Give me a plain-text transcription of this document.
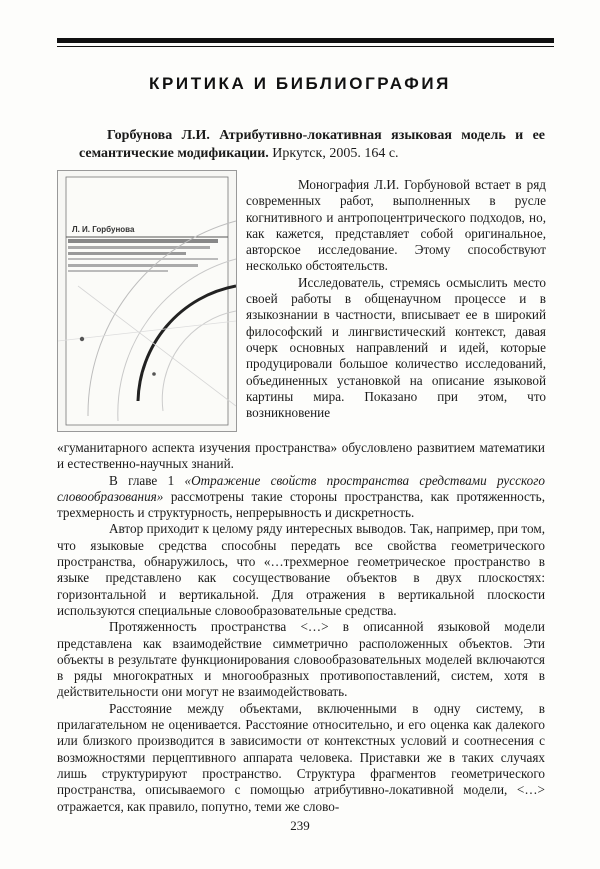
КРИТИКА И БИБЛИОГРАФИЯ
Горбунова Л.И. Атрибутивно-локативная языковая модель и ее семантические модификации. Иркутск, 2005. 164 с.
Л. И. Горбунова

Монография Л.И. Горбуновой встает в ряд современных работ, выполненных в русле когнитивного и антропоцентрического подходов, но, как кажется, представляет собой оригинальное, авторское исследование. Этому способствуют несколько обстоятельств.

Исследователь, стремясь осмыслить место своей работы в общенаучном процессе и в языкознании в частности, вписывает ее в широкий философский и лингвистический контекст, давая очерк основных направлений и идей, которые продуцировали большое количество исследований, объединенных установкой на описание языковой картины мира. Показано при этом, что возникновение

«гуманитарного аспекта изучения пространства» обусловлено развитием математики и естественно-научных знаний.

В главе 1 «Отражение свойств пространства средствами русского словообразования» рассмотрены такие стороны пространства, как протяженность, трехмерность и структурность, непрерывность и дискретность.

Автор приходит к целому ряду интересных выводов. Так, например, при том, что языковые средства способны передать все свойства геометрического пространства, обнаружилось, что «…трехмерное геометрическое пространство в языке представлено как сосуществование объектов в двух плоскостях: горизонтальной и вертикальной. Для отражения в вертикальной плоскости используются специальные словообразовательные средства.

Протяженность пространства <…> в описанной языковой модели представлена как взаимодействие симметрично расположенных объектов. Эти объекты в результате функционирования словообразовательных моделей включаются в ряды многократных и многообразных противопоставлений, систем, хотя в действительности они могут не взаимодействовать.

Расстояние между объектами, включенными в одну систему, в прилагательном не оценивается. Расстояние относительно, и его оценка как далекого или близкого производится в зависимости от контекстных условий и соотнесения с возможностями перцептивного аппарата человека. Приставки же в таких случаях лишь структурируют пространство. Структура фрагментов геометрического пространства, описываемого с помощью атрибутивно-локативной модели, <…> отражается, как правило, попутно, теми же слово-

239
